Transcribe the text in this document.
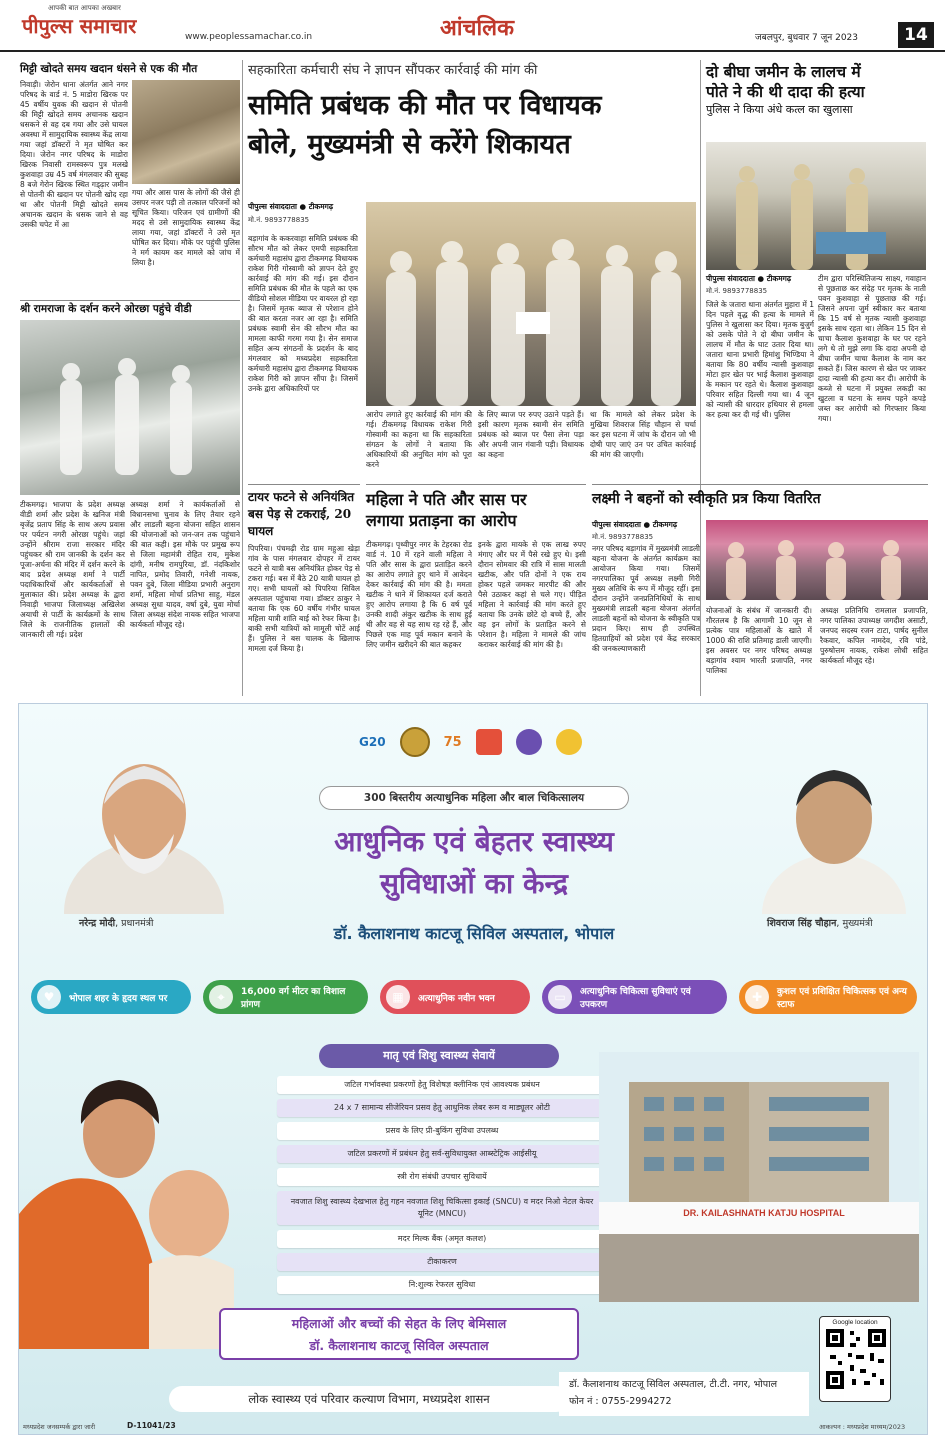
आपकी बात आपका अखबार
पीपुल्स समाचार	www.peoplessamachar.co.in	आंचलिक	जबलपुर, बुधवार 7 जून 2023	14
मिट्टी खोदते समय खदान धंसने से एक की मौत
निवाड़ी। जेरोन थाना अंतर्गत आने नगर परिषद के वार्ड नं. 5 माडोरा खिरक पर 45 वर्षीय युवक की खदान से पोतनी की मिट्टी खोदते समय अचानक खदान धसकने से वह दब गया और उसे घायल अवस्था में सामुदायिक स्वास्थ्य केंद्र लाया गया जहां डॉक्टरों ने मृत घोषित कर दिया। जेरोन नगर परिषद के माडोरा खिरक निवासी रामस्वरूप पुत्र मलखे कुशवाहा उम्र 45 वर्ष मंगलवार की सुबह 8 बजे गेरोन खिरक स्थित गड्ढ़ार जमीन से पोतनी की खदान पर पोतनी खोद रहा था और पोतनी मिट्टी खोदते समय अचानक खदान के धसक जाने से वह उसकी चपेट में आ
गया और आस पास के लोगों की जैसे ही उसपर नजर पड़ी तो तत्काल परिजनों को सूचित किया। परिजन एवं ग्रामीणों की मदद से उसे सामुदायिक स्वास्थ्य केंद्र लाया गया, जहां डॉक्टरों ने उसे मृत घोषित कर दिया। मौके पर पहुंची पुलिस ने मर्ग कायम कर मामले को जांच में लिया है।
श्री रामराजा के दर्शन करने ओरछा पहुंचे वीडी
टीकमगढ़। भाजपा के प्रदेश अध्यक्ष वीडी शर्मा और प्रदेश के खनिज मंत्री बृजेंद्र प्रताप सिंह के साथ अल्प प्रवास पर पर्यटन नगरी ओरछा पहुंचे। जहां उन्होंने श्रीराम राजा सरकार मंदिर पहुंचकर श्री राम जानकी के दर्शन कर पूजा-अर्चना की मंदिर में दर्शन करने के बाद प्रदेश अध्यक्ष शर्मा ने पार्टी पदाधिकारियों और कार्यकर्ताओं से मुलाकात की। प्रदेश अध्यक्ष के द्वारा निवाड़ी भाजपा जिलाध्यक्ष अखिलेश अयाची से पार्टी के कार्यक्रमों के साथ जिले के राजनीतिक हालातों की जानकारी ली गई। प्रदेश
अध्यक्ष शर्मा ने कार्यकर्ताओं से विधानसभा चुनाव के लिए तैयार रहने और लाडली बहना योजना सहित शासन की योजनाओं को जन-जन तक पहुंचाने की बात कही। इस मौके पर प्रमुख रूप से जिला महामंत्री रोहित राय, मुकेश दांगी, मनीष रामपुरिया, डॉ. नंदकिशोर नापित, प्रमोद तिवारी, गनेशी नायक, पवन दुबे, जिला मीडिया प्रभारी अनुराग शर्मा, महिला मोर्चा प्रतिभा साहू, मंडल अध्यक्ष सुधा यादव, वर्षा दुबे, युवा मोर्चा जिला अध्यक्ष संदेश नायक सहित भाजपा कार्यकर्ता मौजूद रहे।
सहकारिता कर्मचारी संघ ने ज्ञापन सौंपकर कार्रवाई की मांग की
समिति प्रबंधक की मौत पर विधायक
बोले, मुख्यमंत्री से करेंगे शिकायत
पीपुल्स संवाददाता ● टीकमगढ़
मो.नं. 9893778835
बड़ागांव के ककरवाहा समिति प्रबंधक की सौरभ मौत को लेकर एमपी सहकारिता कर्मचारी महासंघ द्वारा टीकमगढ़ विधायक राकेश गिरी गोस्वामी को ज्ञापन देते हुए कार्रवाई की मांग की गई। इस दौरान समिति प्रबंधक की मौत के पहले का एक वीडियो सोशल मीडिया पर वायरल हो रहा है। जिसमें मृतक ब्याज से परेशान होने की बात करता नजर आ रहा है। समिति प्रबंधक स्वामी सेन की सौरभ मौत का मामला काफी गरमा गया है। सेन समाज सहित अन्य संगठनों के प्रदर्शन के बाद मंगलवार को मध्यप्रदेश सहकारिता कर्मचारी महासंघ द्वारा टीकमगढ़ विधायक राकेश गिरी को ज्ञापन सौंपा है। जिसमें उनके द्वारा अधिकारियों पर
आरोप लगाते हुए कार्रवाई की मांग की गई। टीकमगढ़ विधायक राकेश गिरी गोस्वामी का कहना था कि सहकारिता संगठन के लोगों ने बताया कि अधिकारियों की अनुचित मांग को पूरा करने
के लिए ब्याज पर रुपए उठाने पड़ते हैं। इसी कारण मृतक स्वामी सेन समिति प्रबंधक को ब्याज पर पैसा लेना पड़ा और अपनी जान गंवानी पड़ी। विधायक का कहना
था कि मामले को लेकर प्रदेश के मुखिया शिवराज सिंह चौहान से चर्चा कर इस घटना में जांच के दौरान जो भी दोषी पाए जाएं उन पर उचित कार्रवाई की मांग की जाएगी।
टायर फटने से अनियंत्रित बस पेड़ से टकराई, 20 घायल
पिपरिया। पंचमढ़ी रोड ग्राम महुआ खेड़ा गांव के पास मंगलवार दोपहर में टायर फटने से यात्री बस अनियंत्रित होकर पेड़ से टकरा गई। बस में बैठे 20 यात्री घायल हो गए। सभी घायलों को पिपरिया सिविल अस्पताल पहुंचाया गया। डॉक्टर ठाकुर ने बताया कि एक 60 वर्षीय गंभीर घायल महिला यात्री शांति बाई को रेफर किया है। बाकी सभी यात्रियों को मामूली चोटें आई हैं। पुलिस ने बस चालक के खिलाफ मामला दर्ज किया है।
महिला ने पति और सास पर
लगाया प्रताड़ना का आरोप
टीकमगढ़। पृथ्वीपुर नगर के टेहरका रोड वार्ड नं. 10 में रहने वाली महिला ने पति और सास के द्वारा प्रताड़ित करने का आरोप लगाते हुए थाने में आवेदन देकर कार्रवाई की मांग की है। ममता खटीक ने थाने में शिकायत दर्ज कराते हुए आरोप लगाया है कि 6 वर्ष पूर्व उनकी शादी अंकुर खटीक के साथ हुई थी और वह से यह साथ रह रहे हैं, और पिछले एक माह पूर्व मकान बनाने के लिए जमीन खरीदने की बात कहकर
इनके द्वारा मायके से एक लाख रुपए मंगाए और घर में पैसे रखे हुए थे। इसी दौरान सोमवार की रात्रि में सास मालती खटीक, और पति दोनों ने एक राय होकर पहले जमकर मारपीट की और पैसे उठाकर कहां से चले गए। पीड़ित महिला ने कार्रवाई की मांग करते हुए बताया कि उनके छोटे दो बच्चे हैं, और वह इन लोगों के प्रताड़ित करने से परेशान है। महिला ने मामले की जांच कराकर कार्रवाई की मांग की है।
दो बीघा जमीन के लालच में
पोते ने की थी दादा की हत्या
पुलिस ने किया अंधे कत्ल का खुलासा
पीपुल्स संवाददाता ● टीकमगढ़
मो.नं. 9893778835
जिले के जतारा थाना अंतर्गत मुहारा में 1 दिन पहले वृद्ध की हत्या के मामले में पुलिस ने खुलासा कर दिया। मृतक बुजुर्ग को उसके पोते ने दो बीघा जमीन के लालच में मौत के घाट उतार दिया था। जतारा थाना प्रभारी हिमांशु भिण्डिया ने बताया कि 80 वर्षीय न्यासी कुशवाहा मोटा हार खेत पर भाई कैलाश कुशवाहा के मकान पर रहते थे। कैलाश कुशवाहा परिवार सहित दिल्ली गया था। 4 जून को न्यासी की धारदार हथियार से हमला कर हत्या कर दी गई थी। पुलिस
टीम द्वारा परिस्थितिजन्य साक्ष्य, गवाहान से पूछताछ कर संदेह पर मृतक के नाती पवन कुशवाहा से पूछताछ की गई। जिसने अपना जुर्म स्वीकार कर बताया कि 15 वर्ष से मृतक न्यासी कुशवाहा इसके साथ रहता था। लेकिन 15 दिन से चाचा कैलाश कुशवाहा के घर पर रहने लगे थे तो मुझे लगा कि दादा अपनी दो बीघा जमीन चाचा कैलाश के नाम कर सकते हैं। जिस कारण से खेत पर जाकर दादा न्यासी की हत्या कर दी। आरोपी के कब्जे से घटना में प्रयुक्त लकड़ी का खुटला व घटना के समय पहने कपड़े जब्त कर आरोपी को गिरफ्तार किया गया।
लक्ष्मी ने बहनों को स्वीकृति प्रत्र किया वितरित
पीपुल्स संवाददाता ● टीकमगढ़
मो.नं. 9893778835
नगर परिषद बड़ागांव में मुख्यमंत्री लाडली बहना योजना के अंतर्गत कार्यक्रम का आयोजन किया गया। जिसमें नगरपालिका पूर्व अध्यक्ष लक्ष्मी गिरी मुख्य अतिथि के रूप में मौजूद रहीं। इस दौरान उन्होंने जनप्रतिनिधियों के साथ मुख्यमंत्री लाडली बहना योजना अंतर्गत लाडली बहनों को योजना के स्वीकृति पत्र प्रदान किए। साथ ही उपस्थित हितग्राहियों को प्रदेश एवं केंद्र सरकार की जनकल्याणकारी
योजनाओं के संबंध में जानकारी दी। गौरतलब है कि आगामी 10 जून से प्रत्येक पात्र महिलाओं के खाते में 1000 की राशि प्रतिमाह डाली जाएगी। इस अवसर पर नगर परिषद अध्यक्ष बड़ागांव श्याम भारती प्रजापति, नगर पालिका
अध्यक्ष प्रतिनिधि रामलाल प्रजापति, नगर पालिका उपाध्यक्ष जगदीश असाटी, जनपद सदस्य रजन टाटा, पार्षद सुनील रैकवार, कपिल नामदेव, रवि पांडे, पुरुषोत्तम नायक, राकेश लोधी सहित कार्यकर्ता मौजूद रहे।
G20	75
300 बिस्तरीय अत्याधुनिक महिला और बाल चिकित्सालय
आधुनिक एवं बेहतर स्वास्थ्य
सुविधाओं का केन्द्र
डॉ. कैलाशनाथ काटजू सिविल अस्पताल, भोपाल
नरेन्द्र मोदी, प्रधानमंत्री	शिवराज सिंह चौहान, मुख्यमंत्री
♥	भोपाल शहर के हृदय स्थल पर	⌖	16,000 वर्ग मीटर का विशाल प्रांगण
▦	अत्याधुनिक नवीन भवन	▭	अत्याधुनिक चिकित्सा सुविधाएं एवं उपकरण
✚	कुशल एवं प्रशिक्षित चिकित्सक एवं अन्य स्टाफ
मातृ एवं शिशु स्वास्थ्य सेवायें
जटिल गर्भावस्था प्रकरणों हेतु विशेषज्ञ क्लीनिक एवं आवश्यक प्रबंधन
24 x 7 सामान्य सीजेरियन प्रसव हेतु आधुनिक लेबर रूम व माड्यूलर ओटी
प्रसव के लिए प्री-बुकिंग सुविधा उपलब्ध
जटिल प्रकरणों में प्रबंधन हेतु सर्व-सुविधायुक्त आब्स्टेट्रिक आईसीयू
स्त्री रोग संबंधी उपचार सुविधायें
नवजात शिशु स्वास्थ्य देखभाल हेतु गहन नवजात शिशु चिकित्सा इकाई (SNCU) व मदर निओ नेटल केयर यूनिट (MNCU)
मदर मिल्क बैंक (अमृत कलश)
टीकाकरण
नि:शुल्क रेफरल सुविधा
DR. KAILASHNATH KATJU HOSPITAL
महिलाओं और बच्चों की सेहत के लिए बेमिसाल
डॉ. कैलाशनाथ काटजू सिविल अस्पताल
Google location
लोक स्वास्थ्य एवं परिवार कल्याण विभाग, मध्यप्रदेश शासन
डॉ. कैलाशनाथ काटजू सिविल अस्पताल, टी.टी. नगर, भोपाल
फोन नं : 0755-2994272
मध्यप्रदेश जनसम्पर्क द्वारा जारी	D-11041/23	आकल्पन : मध्यप्रदेश माध्यम/2023
